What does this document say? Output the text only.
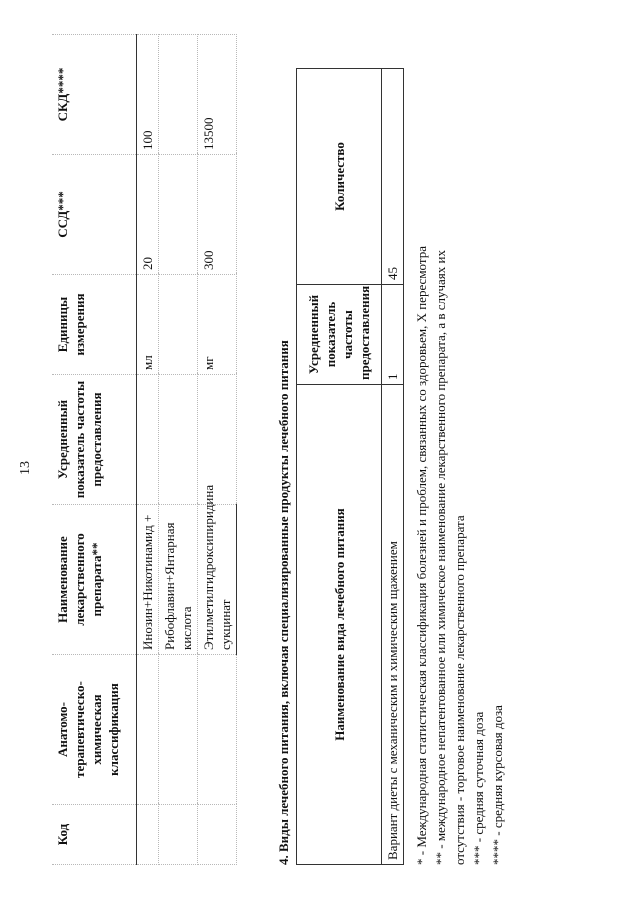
13
Код	Анатомо-терапевтическо-химическая классификация	Наименование лекарственного препарата**	Усредненный показатель частоты предоставления	Единицы измерения	ССД***	СКД****
		Инозин+Никотинамид +		мл	20	100
		Рибофлавин+Янтарная кислота				
		Этилметилгидроксипиридина сукцинат		мг	300	13500
4. Виды лечебного питания, включая специализированные продукты лечебного питания	Наименование вида лечебного питания	Усредненный показатель частоты предоставления	Количество
Вариант диеты с механическим и химическим щажением	1	45 * - Международная статистическая классификация болезней и проблем, связанных со здоровьем, X пересмотра ** - международное непатентованное или химическое наименование лекарственного препарата, а в случаях их отсутствия - торговое наименование лекарственного препарата *** - средняя суточная доза **** - средняя курсовая доза
